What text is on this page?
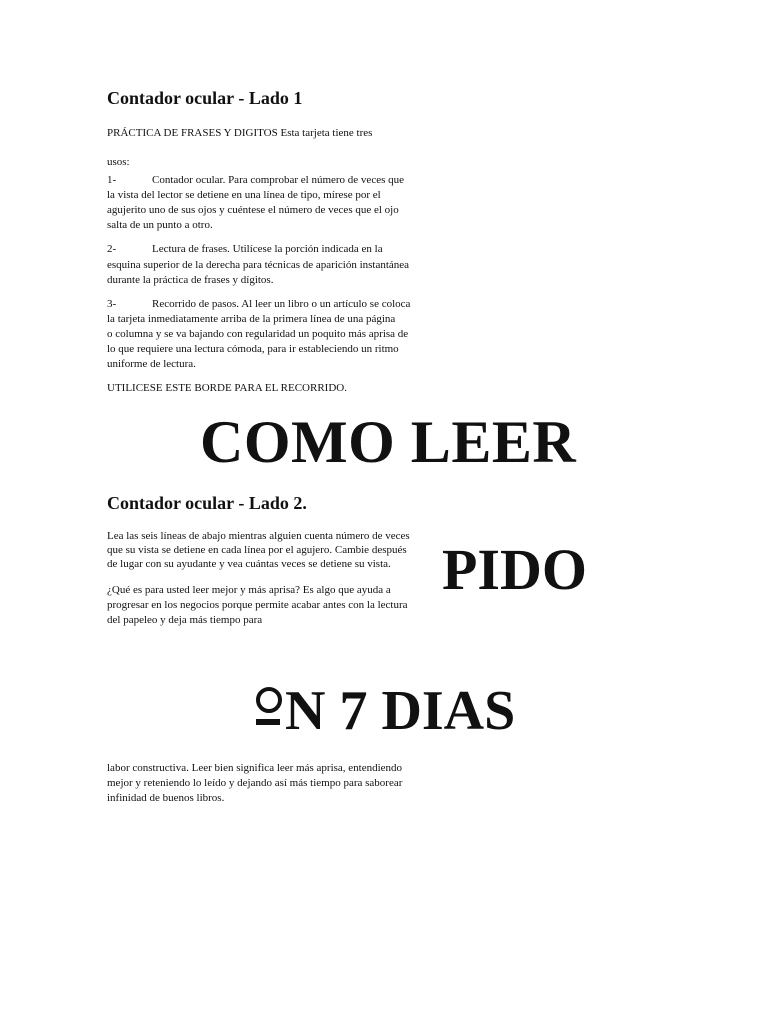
Contador ocular - Lado 1
PRÁCTICA DE FRASES Y DIGITOS Esta tarjeta tiene tres
usos:
1-	Contador ocular. Para comprobar el número de veces que
la vista del lector se detiene en una línea de tipo, mírese por el
agujerito uno de sus ojos y cuéntese el número de veces que el ojo
salta de un punto a otro.
2-	Lectura de frases. Utilícese la porción indicada en la
esquina superior de la derecha para técnicas de aparición instantánea
durante la práctica de frases y dígitos.
3-	Recorrido de pasos. Al leer un libro o un artículo se coloca
la tarjeta inmediatamente arriba de la primera línea de una página
o columna y se va bajando con regularidad un poquito más aprisa de
lo que requiere una lectura cómoda, para ir estableciendo un ritmo
uniforme de lectura.
UTILICESE ESTE BORDE PARA EL RECORRIDO.
COMO LEER
Contador ocular - Lado 2.
Lea las seis líneas de abajo mientras alguien cuenta número de veces
que su vista se detiene en cada línea por el agujero. Cambie después
de lugar con su ayudante y vea cuántas veces se detiene su vista. PIDO
¿Qué es para usted leer mejor y más aprisa? Es algo que ayuda a
progresar en los negocios porque permite acabar antes con la lectura
del papeleo y deja más tiempo para
N 7 DIAS
labor constructiva. Leer bien significa leer más aprisa, entendiendo
mejor y reteniendo lo leído y dejando así más tiempo para saborear
infinidad de buenos libros.
